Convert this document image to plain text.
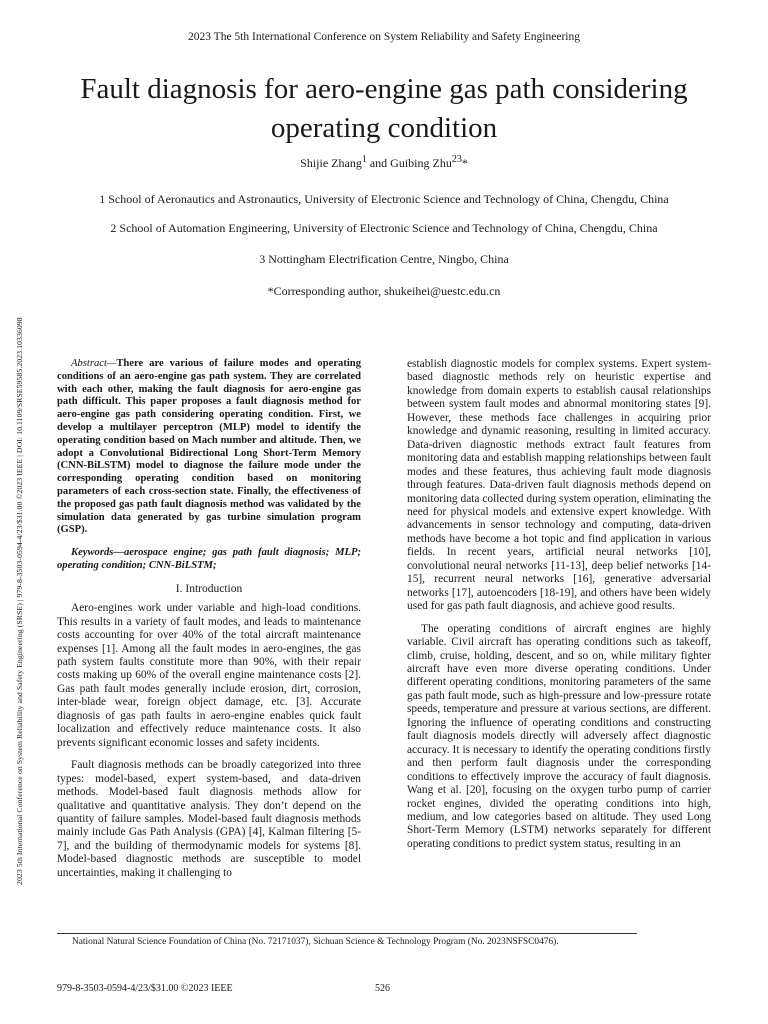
2023 The 5th International Conference on System Reliability and Safety Engineering
Fault diagnosis for aero-engine gas path considering operating condition
Shijie Zhang$^1$ and Guibing Zhu$^{23}$*
1 School of Aeronautics and Astronautics, University of Electronic Science and Technology of China, Chengdu, China
2 School of Automation Engineering, University of Electronic Science and Technology of China, Chengdu, China
3 Nottingham Electrification Centre, Ningbo, China
*Corresponding author, shukeihei@uestc.edu.cn
2023 5th International Conference on System Reliability and Safety Engineering (SRSE) | 979-8-3503-0594-4/23/$31.00 ©2023 IEEE | DOI: 10.1109/SRSE59585.2023.10336098	Abstract—There are various of failure modes and operating conditions of an aero-engine gas path system. They are correlated with each other, making the fault diagnosis for aero-engine gas path difficult. This paper proposes a fault diagnosis method for aero-engine gas path considering operating condition. First, we develop a multilayer perceptron (MLP) model to identify the operating condition based on Mach number and altitude. Then, we adopt a Convolutional Bidirectional Long Short-Term Memory (CNN-BiLSTM) model to diagnose the failure mode under the corresponding operating condition based on monitoring parameters of each cross-section state. Finally, the effectiveness of the proposed gas path fault diagnosis method was validated by the simulation data generated by gas turbine simulation program (GSP).

Keywords—aerospace engine; gas path fault diagnosis; MLP; operating condition; CNN-BiLSTM;

I. Introduction

Aero-engines work under variable and high-load conditions. This results in a variety of fault modes, and leads to maintenance costs accounting for over 40% of the total aircraft maintenance expenses [1]. Among all the fault modes in aero-engines, the gas path system faults constitute more than 90%, with their repair costs making up 60% of the overall engine maintenance costs [2]. Gas path fault modes generally include erosion, dirt, corrosion, inter-blade wear, foreign object damage, etc. [3]. Accurate diagnosis of gas path faults in aero-engine enables quick fault localization and effectively reduce maintenance costs. It also prevents significant economic losses and safety incidents.

Fault diagnosis methods can be broadly categorized into three types: model-based, expert system-based, and data-driven methods. Model-based fault diagnosis methods allow for qualitative and quantitative analysis. They don’t depend on the quantity of failure samples. Model-based fault diagnosis methods mainly include Gas Path Analysis (GPA) [4], Kalman filtering [5-7], and the building of thermodynamic models for systems [8]. Model-based diagnostic methods are susceptible to model uncertainties, making it challenging to

establish diagnostic models for complex systems. Expert system-based diagnostic methods rely on heuristic expertise and knowledge from domain experts to establish causal relationships between system fault modes and abnormal monitoring states [9]. However, these methods face challenges in acquiring prior knowledge and dynamic reasoning, resulting in limited accuracy. Data-driven diagnostic methods extract fault features from monitoring data and establish mapping relationships between fault modes and these features, thus achieving fault mode diagnosis through features. Data-driven fault diagnosis methods depend on monitoring data collected during system operation, eliminating the need for physical models and extensive expert knowledge. With advancements in sensor technology and computing, data-driven methods have become a hot topic and find application in various fields. In recent years, artificial neural networks [10], convolutional neural networks [11-13], deep belief networks [14-15], recurrent neural networks [16], generative adversarial networks [17], autoencoders [18-19], and others have been widely used for gas path fault diagnosis, and achieve good results.

The operating conditions of aircraft engines are highly variable. Civil aircraft has operating conditions such as takeoff, climb, cruise, holding, descent, and so on, while military fighter aircraft have even more diverse operating conditions. Under different operating conditions, monitoring parameters of the same gas path fault mode, such as high-pressure and low-pressure rotate speeds, temperature and pressure at various sections, are different. Ignoring the influence of operating conditions and constructing fault diagnosis models directly will adversely affect diagnostic accuracy. It is necessary to identify the operating conditions firstly and then perform fault diagnosis under the corresponding conditions to effectively improve the accuracy of fault diagnosis. Wang et al. [20], focusing on the oxygen turbo pump of carrier rocket engines, divided the operating conditions into high, medium, and low categories based on altitude. They used Long Short-Term Memory (LSTM) networks separately for different operating conditions to predict system status, resulting in an

National Natural Science Foundation of China (No. 72171037), Sichuan Science & Technology Program (No. 2023NSFSC0476).
979-8-3503-0594-4/23/$31.00 ©2023 IEEE	526
